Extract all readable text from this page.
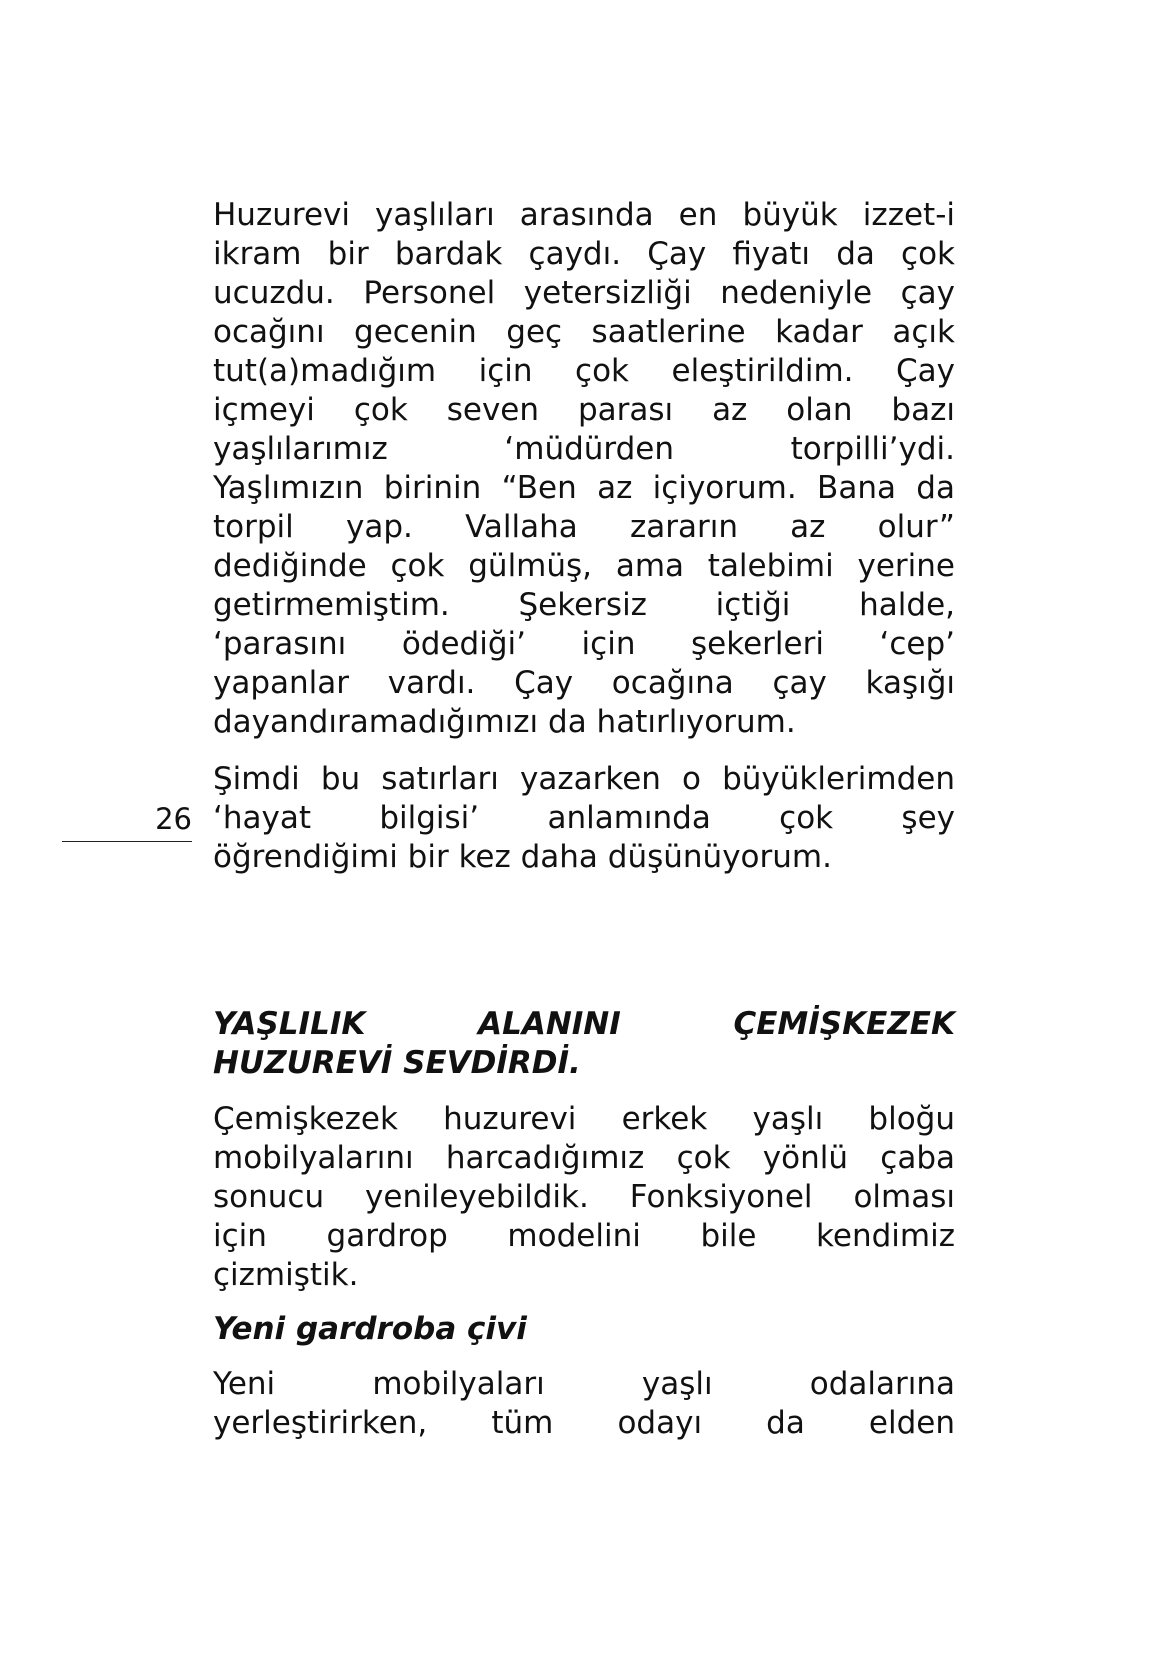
Huzurevi yaşlıları arasında en büyük izzet-i
ikram bir bardak çaydı. Çay fiyatı da çok
ucuzdu. Personel yetersizliği nedeniyle çay
ocağını gecenin geç saatlerine kadar açık
tut(a)madığım için çok eleştirildim. Çay
içmeyi çok seven parası az olan bazı
yaşlılarımız ‘müdürden torpilli’ydi.
Yaşlımızın birinin “Ben az içiyorum. Bana da
torpil yap. Vallaha zararın az olur”
dediğinde çok gülmüş, ama talebimi yerine
getirmemiştim. Şekersiz içtiği halde,
‘parasını ödediği’ için şekerleri ‘cep’
yapanlar vardı. Çay ocağına çay kaşığı
dayandıramadığımızı da hatırlıyorum.
Şimdi bu satırları yazarken o büyüklerimden
‘hayat bilgisi’ anlamında çok şey
öğrendiğimi bir kez daha düşünüyorum.
26
YAŞLILIK ALANINI ÇEMİŞKEZEK
HUZUREVİ SEVDİRDİ.
Çemişkezek huzurevi erkek yaşlı bloğu
mobilyalarını harcadığımız çok yönlü çaba
sonucu yenileyebildik. Fonksiyonel olması
için gardrop modelini bile kendimiz
çizmiştik.
Yeni gardroba çivi
Yeni mobilyaları yaşlı odalarına
yerleştirirken, tüm odayı da elden
